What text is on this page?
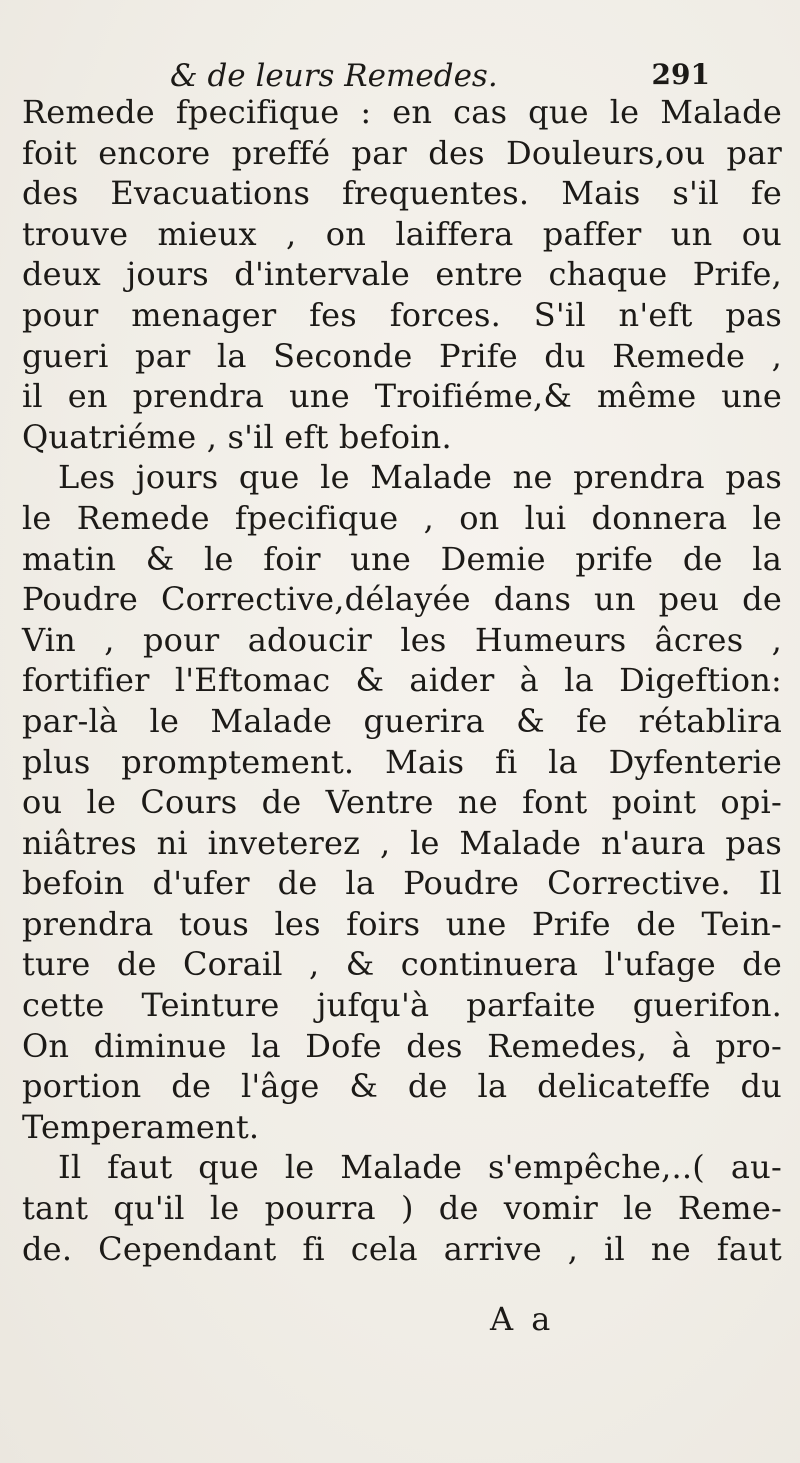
& de leurs Remedes.	291
Remede fpecifique : en cas que le Malade
foit encore preffé par des Douleurs,ou par
des Evacuations frequentes. Mais s'il fe
trouve mieux , on laiffera paffer un ou
deux jours d'intervale entre chaque Prife,
pour menager fes forces. S'il n'eft pas
gueri par la Seconde Prife du Remede ,
il en prendra une Troifiéme,& même une
Quatriéme , s'il eft befoin.
Les jours que le Malade ne prendra pas
le Remede fpecifique , on lui donnera le
matin & le foir une Demie prife de la
Poudre Corrective,délayée dans un peu de
Vin , pour adoucir les Humeurs âcres ,
fortifier l'Eftomac & aider à la Digeftion:
par-là le Malade guerira & fe rétablira
plus promptement. Mais fi la Dyfenterie
ou le Cours de Ventre ne font point opi-
niâtres ni inveterez , le Malade n'aura pas
befoin d'ufer de la Poudre Corrective. Il
prendra tous les foirs une Prife de Tein-
ture de Corail , & continuera l'ufage de
cette Teinture jufqu'à parfaite guerifon.
On diminue la Dofe des Remedes, à pro-
portion de l'âge & de la delicateffe du
Temperament.
Il faut que le Malade s'empêche,..( au-
tant qu'il le pourra ) de vomir le Reme-
de. Cependant fi cela arrive , il ne faut
A a
